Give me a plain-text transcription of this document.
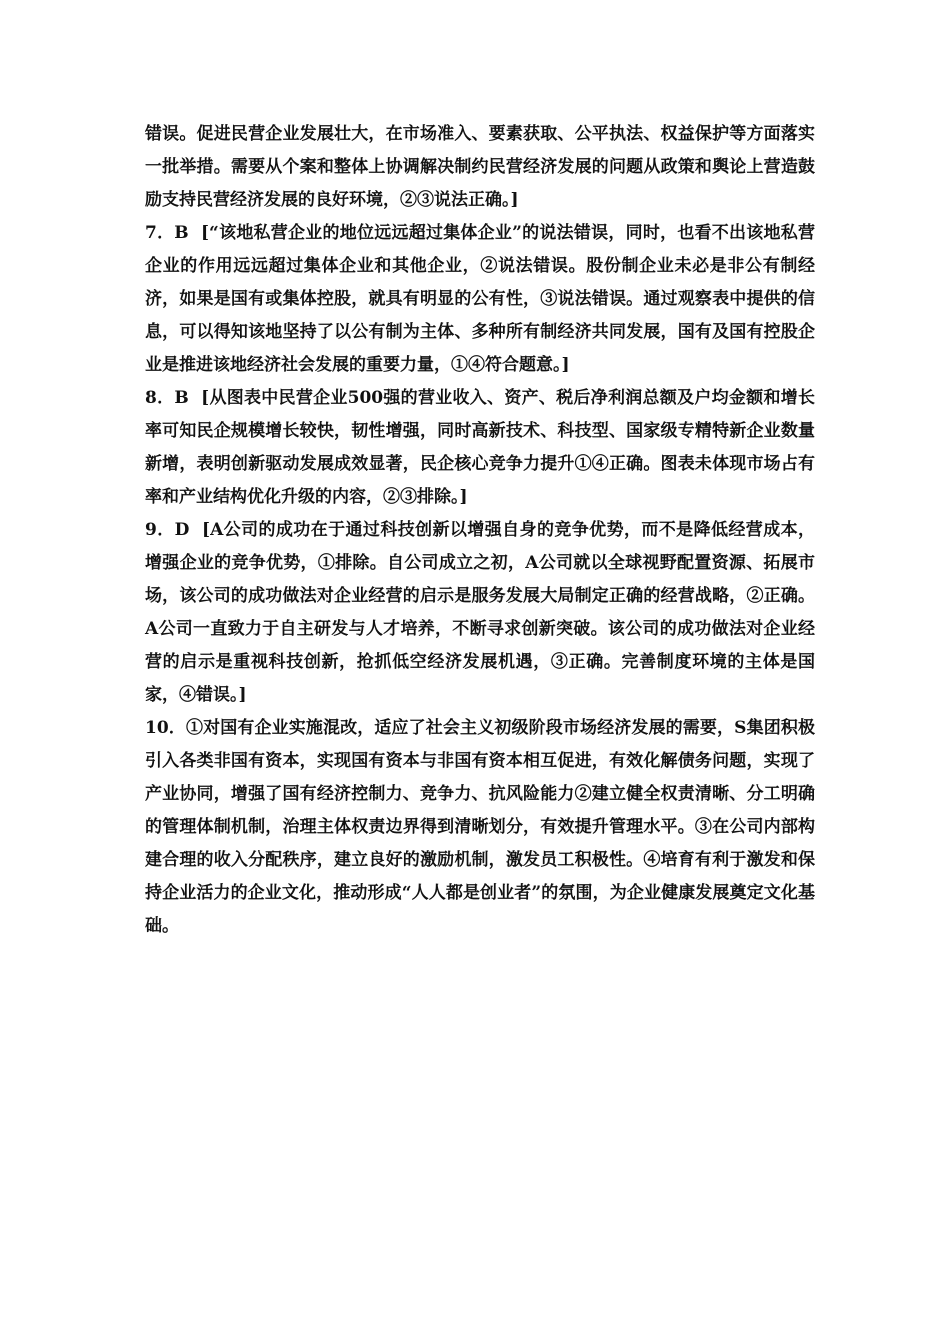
错误。促进民营企业发展壮大，在市场准入、要素获取、公平执法、权益保护等方面落实一批举措。需要从个案和整体上协调解决制约民营经济发展的问题从政策和舆论上营造鼓励支持民营经济发展的良好环境，②③说法正确。]

7．B [“该地私营企业的地位远远超过集体企业”的说法错误，同时，也看不出该地私营企业的作用远远超过集体企业和其他企业，②说法错误。股份制企业未必是非公有制经济，如果是国有或集体控股，就具有明显的公有性，③说法错误。通过观察表中提供的信息，可以得知该地坚持了以公有制为主体、多种所有制经济共同发展，国有及国有控股企业是推进该地经济社会发展的重要力量，①④符合题意。]

8．B [从图表中民营企业500强的营业收入、资产、税后净利润总额及户均金额和增长率可知民企规模增长较快，韧性增强，同时高新技术、科技型、国家级专精特新企业数量新增，表明创新驱动发展成效显著，民企核心竞争力提升①④正确。图表未体现市场占有率和产业结构优化升级的内容，②③排除。]

9．D [A公司的成功在于通过科技创新以增强自身的竞争优势，而不是降低经营成本，增强企业的竞争优势，①排除。自公司成立之初，A公司就以全球视野配置资源、拓展市场，该公司的成功做法对企业经营的启示是服务发展大局制定正确的经营战略，②正确。A公司一直致力于自主研发与人才培养，不断寻求创新突破。该公司的成功做法对企业经营的启示是重视科技创新，抢抓低空经济发展机遇，③正确。完善制度环境的主体是国家，④错误。]

10．①对国有企业实施混改，适应了社会主义初级阶段市场经济发展的需要，S集团积极引入各类非国有资本，实现国有资本与非国有资本相互促进，有效化解债务问题，实现了产业协同，增强了国有经济控制力、竞争力、抗风险能力②建立健全权责清晰、分工明确的管理体制机制，治理主体权责边界得到清晰划分，有效提升管理水平。③在公司内部构建合理的收入分配秩序，建立良好的激励机制，激发员工积极性。④培育有利于激发和保持企业活力的企业文化，推动形成“人人都是创业者”的氛围，为企业健康发展奠定文化基础。
